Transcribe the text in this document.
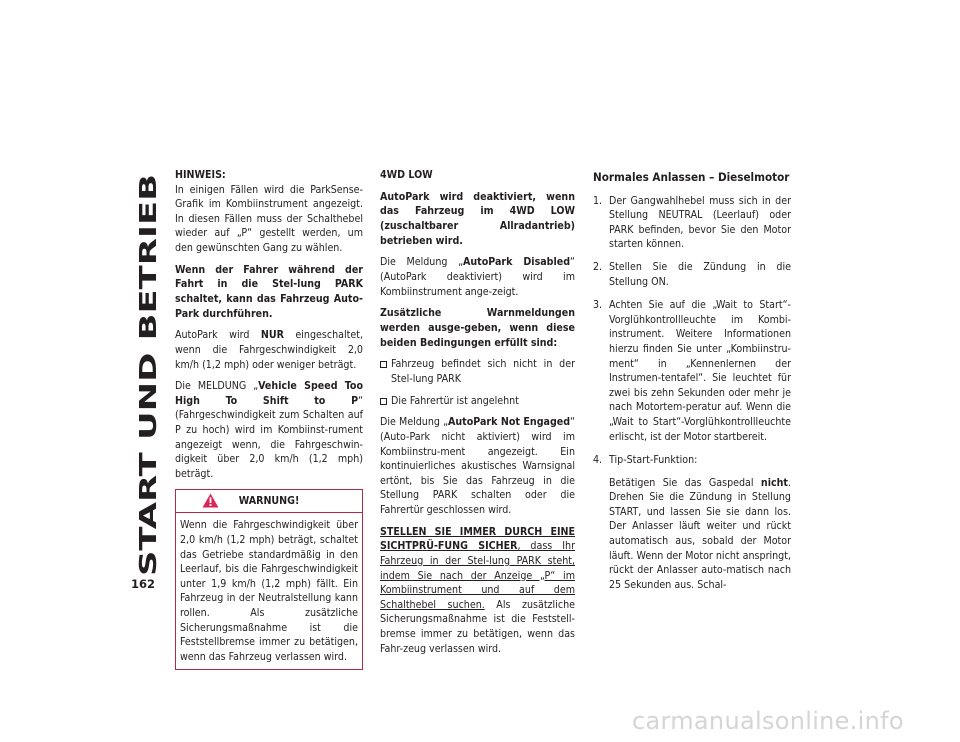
START UND BETRIEB
162

HINWEIS:
In einigen Fällen wird die ParkSense-Grafik im Kombiinstrument angezeigt. In diesen Fällen muss der Schalthebel wieder auf „P“ gestellt werden, um den gewünschten Gang zu wählen.

Wenn der Fahrer während der Fahrt in die Stel-lung PARK schaltet, kann das Fahrzeug Auto-Park durchführen.

AutoPark wird NUR eingeschaltet, wenn die Fahrgeschwindigkeit 2,0 km/h (1,2 mph) oder weniger beträgt.

Die MELDUNG „Vehicle Speed Too High To Shift to P“ (Fahrgeschwindigkeit zum Schalten auf P zu hoch) wird im Kombiinst-rument angezeigt wenn, die Fahrgeschwin-digkeit über 2,0 km/h (1,2 mph) beträgt.

WARNUNG!
Wenn die Fahrgeschwindigkeit über 2,0 km/h (1,2 mph) beträgt, schaltet das Getriebe standardmäßig in den Leerlauf, bis die Fahrgeschwindigkeit unter 1,9 km/h (1,2 mph) fällt. Ein Fahrzeug in der Neutralstellung kann rollen. Als zusätzliche Sicherungsmaßnahme ist die Feststellbremse immer zu betätigen, wenn das Fahrzeug verlassen wird.

4WD LOW

AutoPark wird deaktiviert, wenn das Fahrzeug im 4WD LOW (zuschaltbarer Allradantrieb) betrieben wird.

Die Meldung „AutoPark Disabled“ (AutoPark deaktiviert) wird im Kombiinstrument ange-zeigt.

Zusätzliche Warnmeldungen werden ausge-geben, wenn diese beiden Bedingungen erfüllt sind:

Fahrzeug befindet sich nicht in der Stel-lung PARK
Die Fahrertür ist angelehnt

Die Meldung „AutoPark Not Engaged“ (Auto-Park nicht aktiviert) wird im Kombiinstru-ment angezeigt. Ein kontinuierliches akustisches Warnsignal ertönt, bis Sie das Fahrzeug in die Stellung PARK schalten oder die Fahrertür geschlossen wird.

STELLEN SIE IMMER DURCH EINE SICHTPRÜ-FUNG SICHER, dass Ihr Fahrzeug in der Stel-lung PARK steht, indem Sie nach der Anzeige „P“ im Kombiinstrument und auf dem Schalthebel suchen. Als zusätzliche Sicherungsmaßnahme ist die Feststell-bremse immer zu betätigen, wenn das Fahr-zeug verlassen wird.

Normales Anlassen – Dieselmotor
1. Der Gangwahlhebel muss sich in der Stellung NEUTRAL (Leerlauf) oder PARK befinden, bevor Sie den Motor starten können.
2. Stellen Sie die Zündung in die Stellung ON.
3. Achten Sie auf die „Wait to Start“-Vorglühkontrollleuchte im Kombi-instrument. Weitere Informationen hierzu finden Sie unter „Kombiinstru-ment“ in „Kennenlernen der Instrumen-tentafel“. Sie leuchtet für zwei bis zehn Sekunden oder mehr je nach Motortem-peratur auf. Wenn die „Wait to Start“-Vorglühkontrollleuchte erlischt, ist der Motor startbereit.
4. Tip-Start-Funktion:

Betätigen Sie das Gaspedal nicht. Drehen Sie die Zündung in Stellung START, und lassen Sie sie dann los. Der Anlasser läuft weiter und rückt automatisch aus, sobald der Motor läuft. Wenn der Motor nicht anspringt, rückt der Anlasser auto-matisch nach 25 Sekunden aus. Schal-

carmanualsonline.info
